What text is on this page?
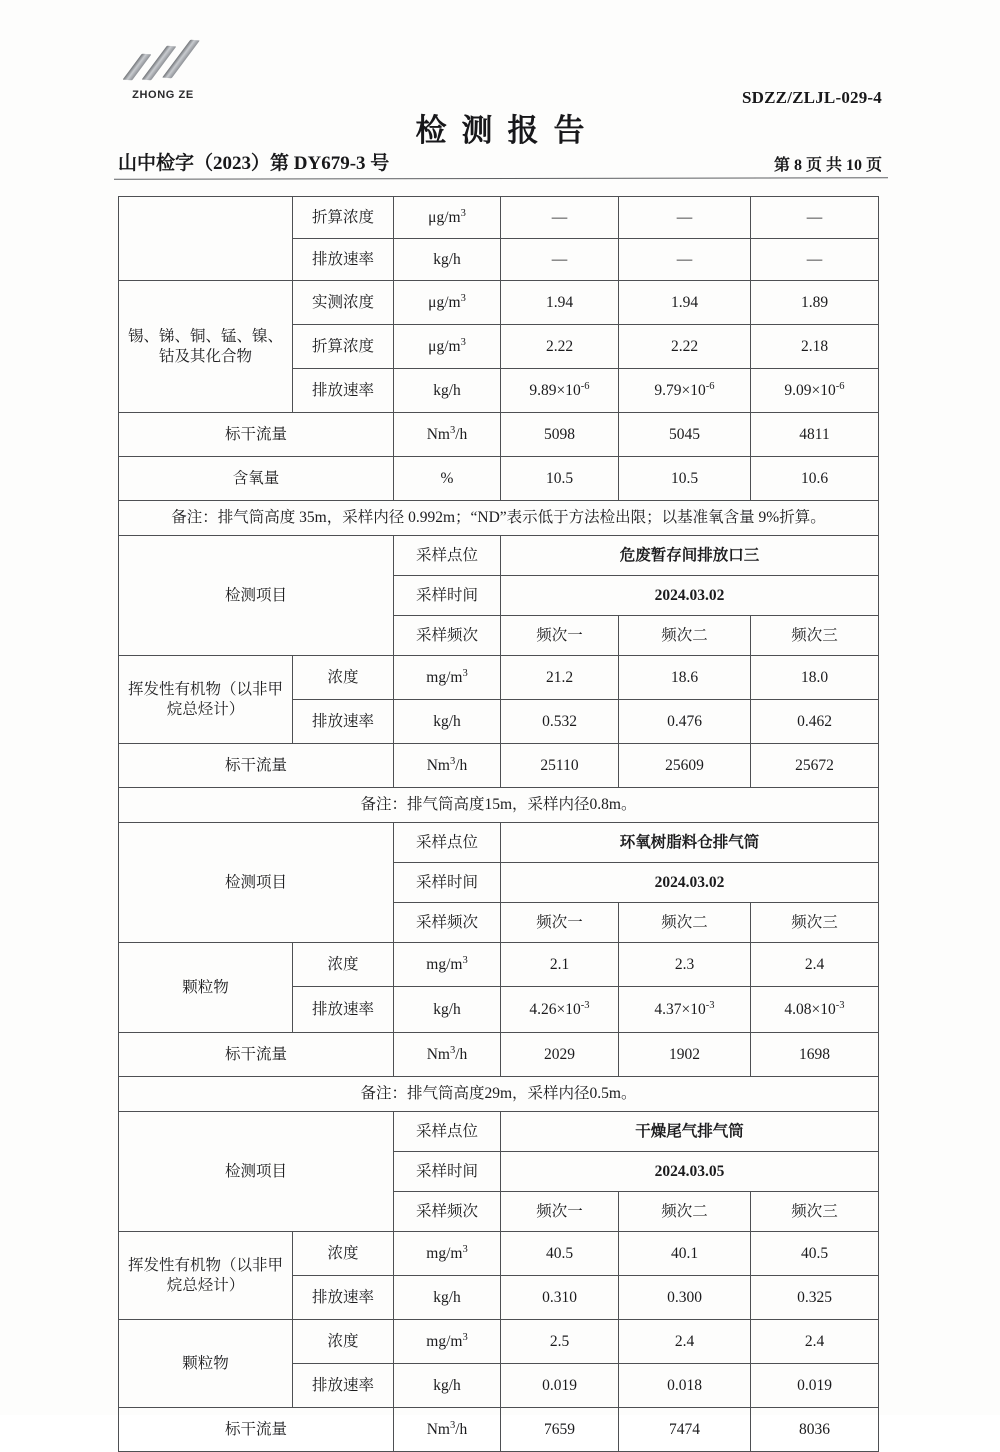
ZHONG ZE	SDZZ/ZLJL-029-4
检测报告
山中检字（2023）第 DY679-3 号	第 8 页 共 10 页
	折算浓度	$\mu g/m^3$	—	—	—
	排放速率	kg/h	—	—	—
锡、锑、铜、锰、镍、钴及其化合物	实测浓度	$\mu g/m^3$	1.94	1.94	1.89
	折算浓度	$\mu g/m^3$	2.22	2.22	2.18
	排放速率	kg/h	$9.89\times 10^{-6}$	$9.79\times 10^{-6}$	$9.09\times 10^{-6}$
标干流量		Nm$^3$/h	5098	5045	4811
含氧量		%	10.5	10.5	10.6
备注：排气筒高度 35m，采样内径 0.992m；“ND”表示低于方法检出限；以基准氧含量 9%折算。					
检测项目		采样点位	危废暂存间排放口三		
		采样时间	2024.03.02		
		采样频次	频次一	频次二	频次三
挥发性有机物（以非甲烷总烃计）	浓度	$mg/m^3$	21.2	18.6	18.0
	排放速率	kg/h	0.532	0.476	0.462
标干流量		Nm$^3$/h	25110	25609	25672
备注：排气筒高度15m，采样内径0.8m。					
检测项目		采样点位	环氧树脂料仓排气筒		
		采样时间	2024.03.02		
		采样频次	频次一	频次二	频次三
颗粒物	浓度	$mg/m^3$	2.1	2.3	2.4
	排放速率	kg/h	$4.26\times 10^{-3}$	$4.37\times 10^{-3}$	$4.08\times 10^{-3}$
标干流量		Nm$^3$/h	2029	1902	1698
备注：排气筒高度29m，采样内径0.5m。					
检测项目		采样点位	干燥尾气排气筒		
		采样时间	2024.03.05		
		采样频次	频次一	频次二	频次三
挥发性有机物（以非甲烷总烃计）	浓度	$mg/m^3$	40.5	40.1	40.5
	排放速率	kg/h	0.310	0.300	0.325
颗粒物	浓度	$mg/m^3$	2.5	2.4	2.4
	排放速率	kg/h	0.019	0.018	0.019
标干流量		Nm$^3$/h	7659	7474	8036
